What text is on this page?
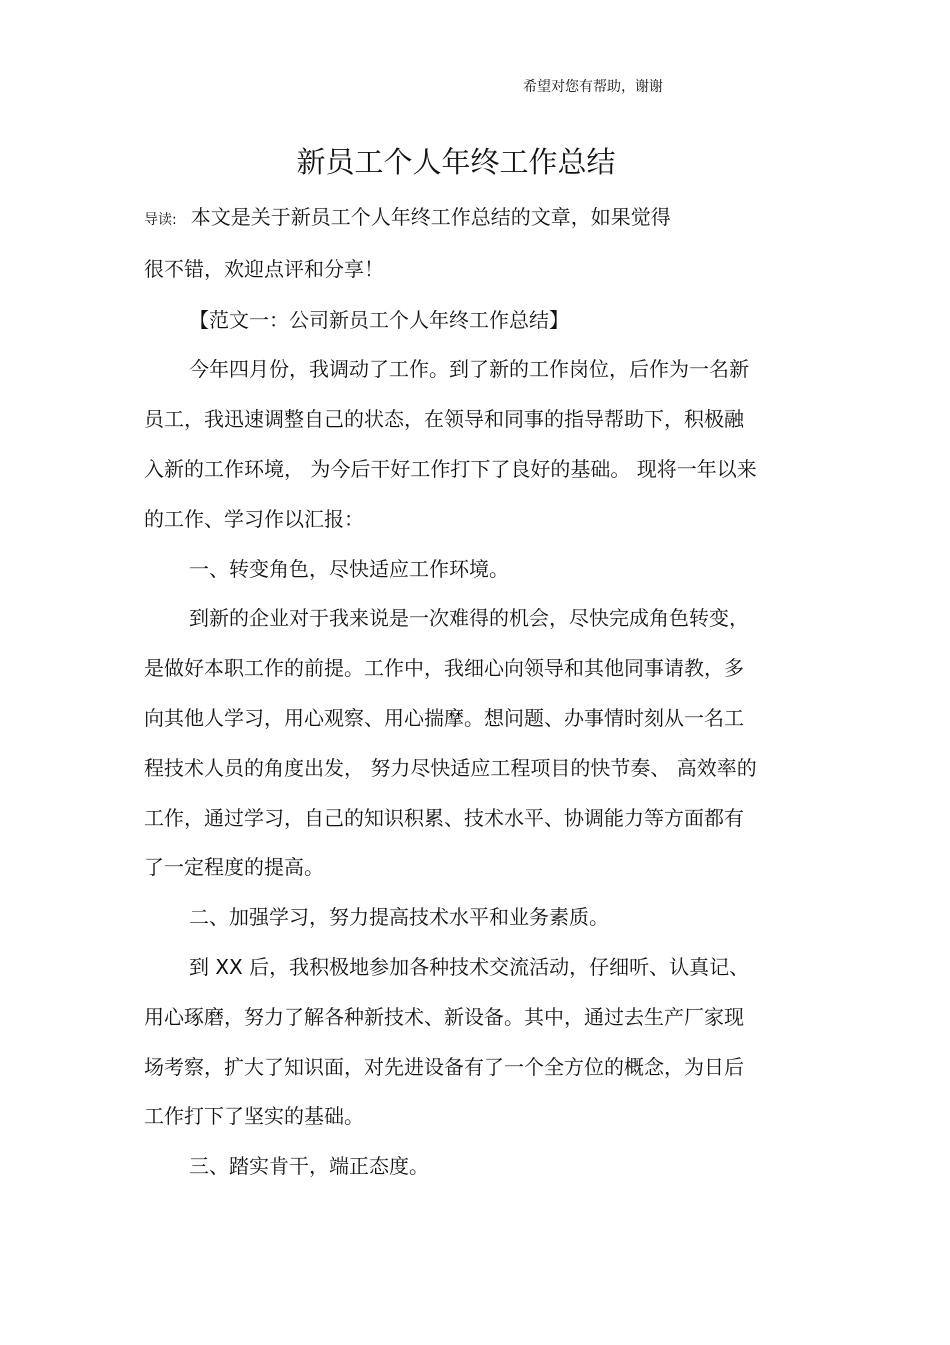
希望对您有帮助，谢谢
新员工个人年终工作总结
导读: 本文是关于新员工个人年终工作总结的文章，如果觉得
很不错，欢迎点评和分享！
【范文一：公司新员工个人年终工作总结】
今年四月份，我调动了工作。到了新的工作岗位，后作为一名新
员工，我迅速调整自己的状态，在领导和同事的指导帮助下，积极融
入新的工作环境， 为今后干好工作打下了良好的基础。 现将一年以来
的工作、学习作以汇报：
一、转变角色，尽快适应工作环境。
到新的企业对于我来说是一次难得的机会，尽快完成角色转变，
是做好本职工作的前提。工作中，我细心向领导和其他同事请教，多
向其他人学习，用心观察、用心揣摩。想问题、办事情时刻从一名工
程技术人员的角度出发， 努力尽快适应工程项目的快节奏、 高效率的
工作，通过学习，自己的知识积累、技术水平、协调能力等方面都有
了一定程度的提高。
二、加强学习，努力提高技术水平和业务素质。
到 XX 后，我积极地参加各种技术交流活动，仔细听、认真记、
用心琢磨，努力了解各种新技术、新设备。其中，通过去生产厂家现
场考察，扩大了知识面，对先进设备有了一个全方位的概念，为日后
工作打下了坚实的基础。
三、踏实肯干，端正态度。
